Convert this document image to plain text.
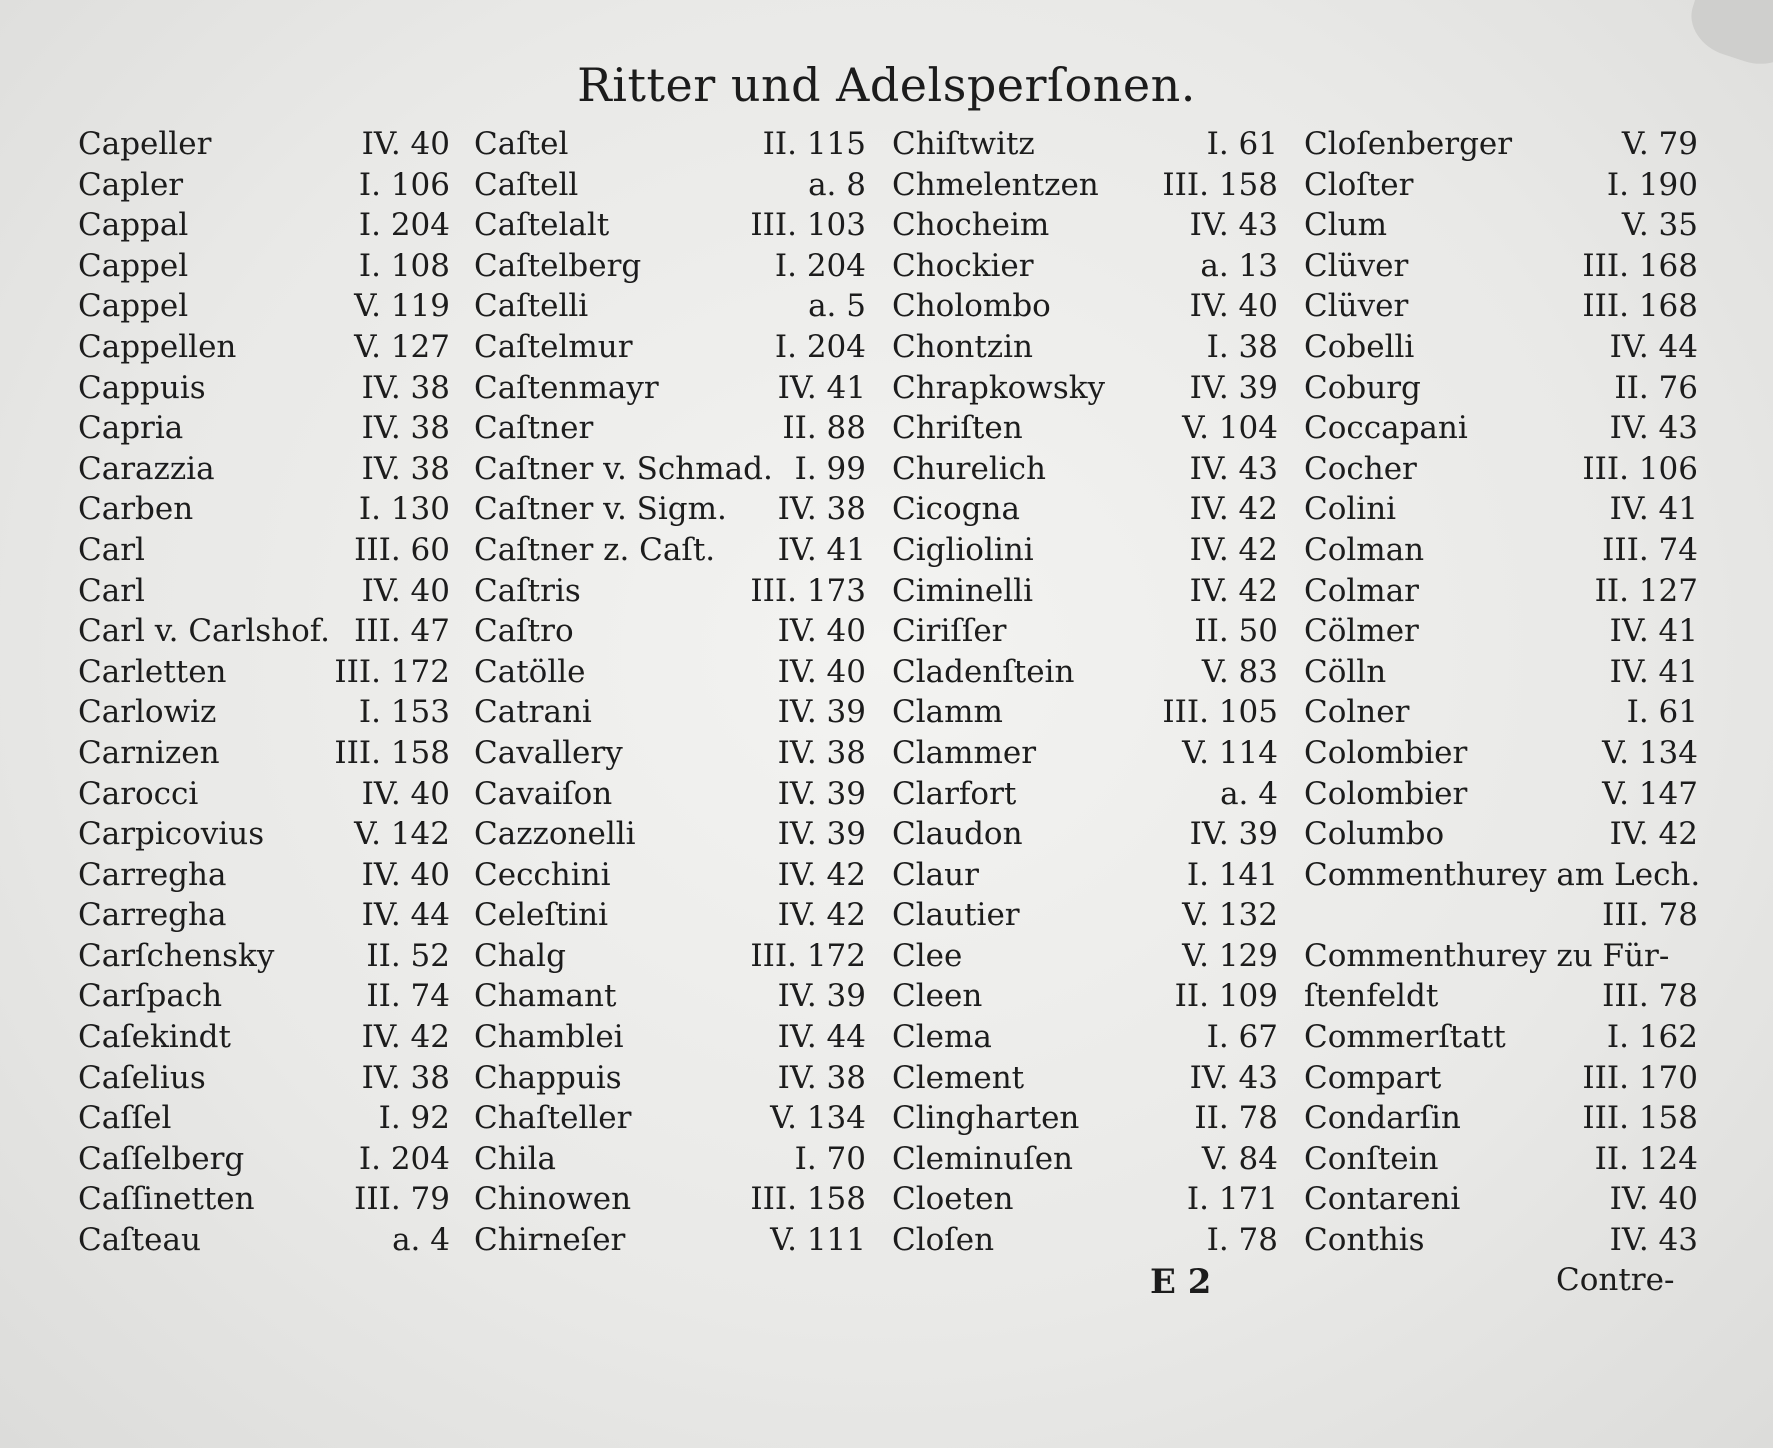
Ritter und Adelsperſonen.
Capeller	IV. 40
Capler	I. 106
Cappal	I. 204
Cappel	I. 108
Cappel	V. 119
Cappellen	V. 127
Cappuis	IV. 38
Capria	IV. 38
Carazzia	IV. 38
Carben	I. 130
Carl	III. 60
Carl	IV. 40
Carl v. Carlshof. III. 47
Carletten	III. 172
Carlowiz	I. 153
Carnizen	III. 158
Carocci	IV. 40
Carpicovius	V. 142
Carregha	IV. 40
Carregha	IV. 44
Carſchensky	II. 52
Carſpach	II. 74
Caſekindt	IV. 42
Caſelius	IV. 38
Caſſel	I. 92
Caſſelberg	I. 204
Caſſinetten	III. 79
Caſteau	a. 4
Caſtel	II. 115
Caſtell	a. 8
Caſtelalt	III. 103
Caſtelberg	I. 204
Caſtelli	a. 5
Caſtelmur	I. 204
Caſtenmayr	IV. 41
Caſtner	II. 88
Caſtner v. Schmad. I. 99
Caſtner v. Sigm. IV. 38
Caſtner z. Caſt. IV. 41
Caſtris	III. 173
Caſtro	IV. 40
Catölle	IV. 40
Catrani	IV. 39
Cavallery	IV. 38
Cavaiſon	IV. 39
Cazzonelli	IV. 39
Cecchini	IV. 42
Celeſtini	IV. 42
Chalg	III. 172
Chamant	IV. 39
Chamblei	IV. 44
Chappuis	IV. 38
Chaſteller	V. 134
Chila	I. 70
Chinowen	III. 158
Chirneſer	V. 111
Chiſtwitz	I. 61
Chmelentzen III. 158
Chocheim	IV. 43
Chockier	a. 13
Cholombo	IV. 40
Chontzin	I. 38
Chrapkowsky	IV. 39
Chriſten	V. 104
Churelich	IV. 43
Cicogna	IV. 42
Cigliolini	IV. 42
Ciminelli	IV. 42
Ciriſſer	II. 50
Cladenſtein	V. 83
Clamm	III. 105
Clammer	V. 114
Clarfort	a. 4
Claudon	IV. 39
Claur	I. 141
Clautier	V. 132
Clee	V. 129
Cleen	II. 109
Clema	I. 67
Clement	IV. 43
Clingharten	II. 78
Cleminuſen	V. 84
Cloeten	I. 171
Cloſen	I. 78
Cloſenberger	V. 79
Cloſter	I. 190
Clum	V. 35
Clüver	III. 168
Clüver	III. 168
Cobelli	IV. 44
Coburg	II. 76
Coccapani	IV. 43
Cocher	III. 106
Colini	IV. 41
Colman	III. 74
Colmar	II. 127
Cölmer	IV. 41
Cölln	IV. 41
Colner	I. 61
Colombier	V. 134
Colombier	V. 147
Columbo	IV. 42
Commenthurey am Lech.
III. 78
Commenthurey zu Für-
ſtenfeldt	III. 78
Commerſtatt	I. 162
Compart	III. 170
Condarſin	III. 158
Conſtein	II. 124
Contareni	IV. 40
Conthis	IV. 43
E 2	Contre-
